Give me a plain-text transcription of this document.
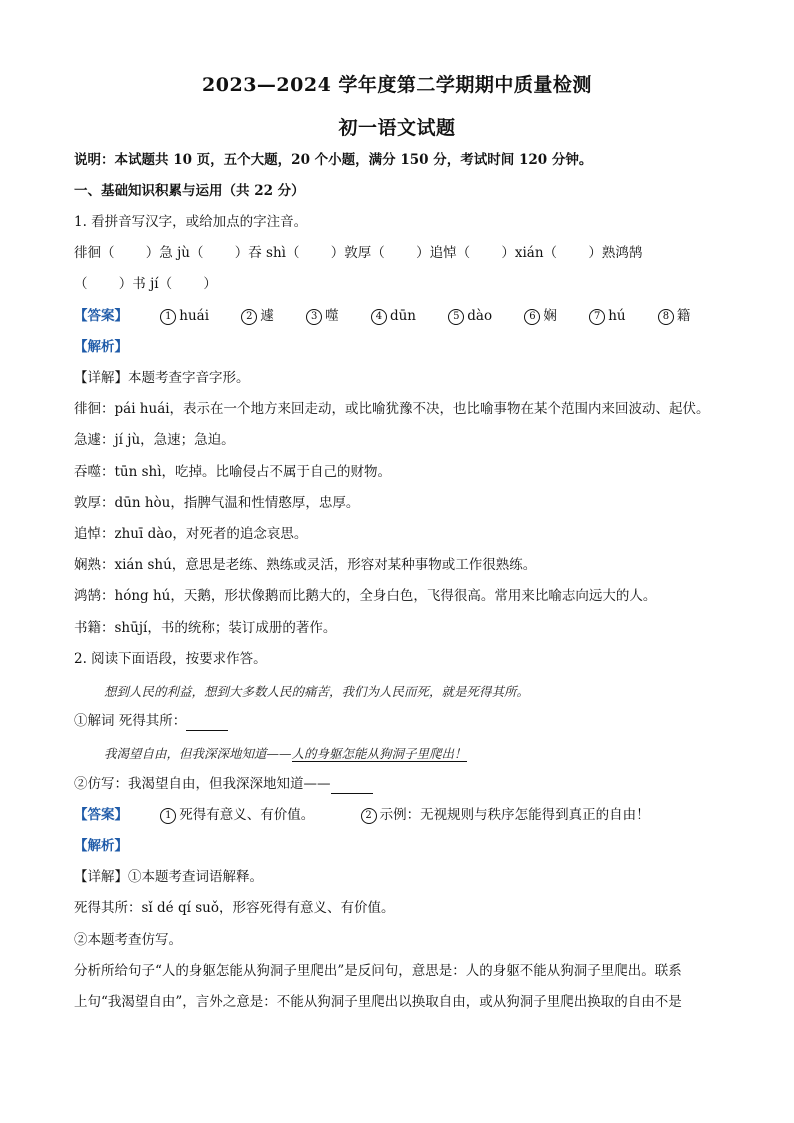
2023—2024 学年度第二学期期中质量检测
初一语文试题
说明：本试题共 10 页，五个大题，20 个小题，满分 150 分，考试时间 120 分钟。
一、基础知识积累与运用（共 22 分）
1. 看拼音写汉字，或给加点的字注音。
徘徊（　　 ）急 jù（　　 ）吞 shì（　　 ）敦厚（　　 ）追悼（　　 ）xián（　　 ）熟鸿鹄
（　　 ）书 jí（　　 ）
【答案】	1 huái	2 遽	3 噬	4 dūn	5 dào	6 娴	7 hú	8 籍
【解析】
【详解】本题考查字音字形。
徘徊：pái huái，表示在一个地方来回走动，或比喻犹豫不决，也比喻事物在某个范围内来回波动、起伏。
急遽：jí jù，急速；急迫。
吞噬：tūn shì，吃掉。比喻侵占不属于自己的财物。
敦厚：dūn hòu，指脾气温和性情憨厚，忠厚。
追悼：zhuī dào，对死者的追念哀思。
娴熟：xián shú，意思是老练、熟练或灵活，形容对某种事物或工作很熟练。
鸿鹄：hóng hú，天鹅，形状像鹅而比鹅大的，全身白色，飞得很高。常用来比喻志向远大的人。
书籍：shūjí，书的统称；装订成册的著作。
2. 阅读下面语段，按要求作答。
想到人民的利益，想到大多数人民的痛苦，我们为人民而死，就是死得其所。
①解词 死得其所：
我渴望自由，但我深深地知道——人的身躯怎能从狗洞子里爬出！
②仿写：我渴望自由，但我深深地知道——
【答案】	1 死得有意义、有价值。	2 示例：无视规则与秩序怎能得到真正的自由！
【解析】
【详解】①本题考查词语解释。
死得其所：sǐ dé qí suǒ，形容死得有意义、有价值。
②本题考查仿写。
分析所给句子“人的身躯怎能从狗洞子里爬出”是反问句，意思是：人的身躯不能从狗洞子里爬出。联系
上句“我渴望自由”，言外之意是：不能从狗洞子里爬出以换取自由，或从狗洞子里爬出换取的自由不是
